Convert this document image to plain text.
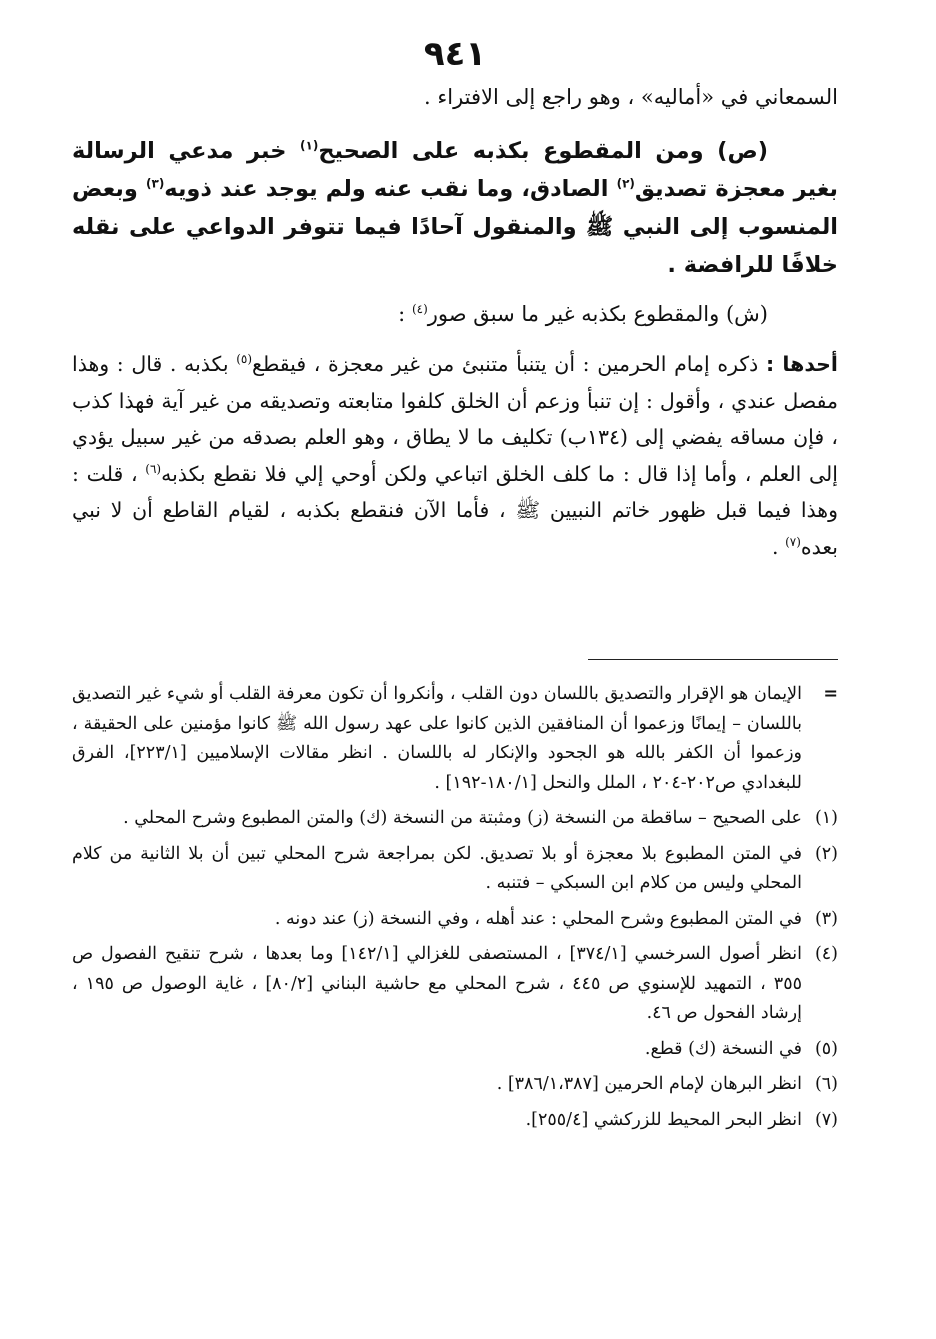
٩٤١

السمعاني في «أماليه» ، وهو راجع إلى الافتراء .

(ص) ومن المقطوع بكذبه على الصحيح$^{(١)}$ خبر مدعي الرسالة بغير معجزة تصديق$^{(٢)}$ الصادق، وما نقب عنه ولم يوجد عند ذويه$^{(٣)}$ وبعض المنسوب إلى النبي ﷺ والمنقول آحادًا فيما تتوفر الدواعي على نقله خلافًا للرافضة .

(ش) والمقطوع بكذبه غير ما سبق صور$^{(٤)}$ :

أحدها : ذكره إمام الحرمين : أن يتنبأ متنبئ من غير معجزة ، فيقطع$^{(٥)}$ بكذبه . قال : وهذا مفصل عندي ، وأقول : إن تنبأ وزعم أن الخلق كلفوا متابعته وتصديقه من غير آية فهذا كذب ، فإن مساقه يفضي إلى (١٣٤ب) تكليف ما لا يطاق ، وهو العلم بصدقه من غير سبيل يؤدي إلى العلم ، وأما إذا قال : ما كلف الخلق اتباعي ولكن أوحي إلي فلا نقطع بكذبه$^{(٦)}$ ، قلت : وهذا فيما قبل ظهور خاتم النبيين ﷺ ، فأما الآن فنقطع بكذبه ، لقيام القاطع أن لا نبي بعده$^{(٧)}$ .

=
الإيمان هو الإقرار والتصديق باللسان دون القلب ، وأنكروا أن تكون معرفة القلب أو شيء غير التصديق باللسان – إيمانًا وزعموا أن المنافقين الذين كانوا على عهد رسول الله ﷺ كانوا مؤمنين على الحقيقة ، وزعموا أن الكفر بالله هو الجحود والإنكار له باللسان . انظر مقالات الإسلاميين [٢٢٣/١]، الفرق للبغدادي ص٢٠٢-٢٠٤ ، الملل والنحل [١٨٠/١-١٩٢] .

(١)
على الصحيح – ساقطة من النسخة (ز) ومثبتة من النسخة (ك) والمتن المطبوع وشرح المحلي .

(٢)
في المتن المطبوع بلا معجزة أو بلا تصديق. لكن بمراجعة شرح المحلي تبين أن بلا الثانية من كلام المحلي وليس من كلام ابن السبكي – فتنبه .

(٣)
في المتن المطبوع وشرح المحلي : عند أهله ، وفي النسخة (ز) عند دونه .

(٤)
انظر أصول السرخسي [٣٧٤/١] ، المستصفى للغزالي [١٤٢/١] وما بعدها ، شرح تنقيح الفصول ص ٣٥٥ ، التمهيد للإسنوي ص ٤٤٥ ، شرح المحلي مع حاشية البناني [٨٠/٢] ، غاية الوصول ص ١٩٥ ، إرشاد الفحول ص ٤٦.

(٥)
في النسخة (ك) قطع.

(٦)
انظر البرهان لإمام الحرمين [٣٨٦/١،٣٨٧] .

(٧)
انظر البحر المحيط للزركشي [٢٥٥/٤].
